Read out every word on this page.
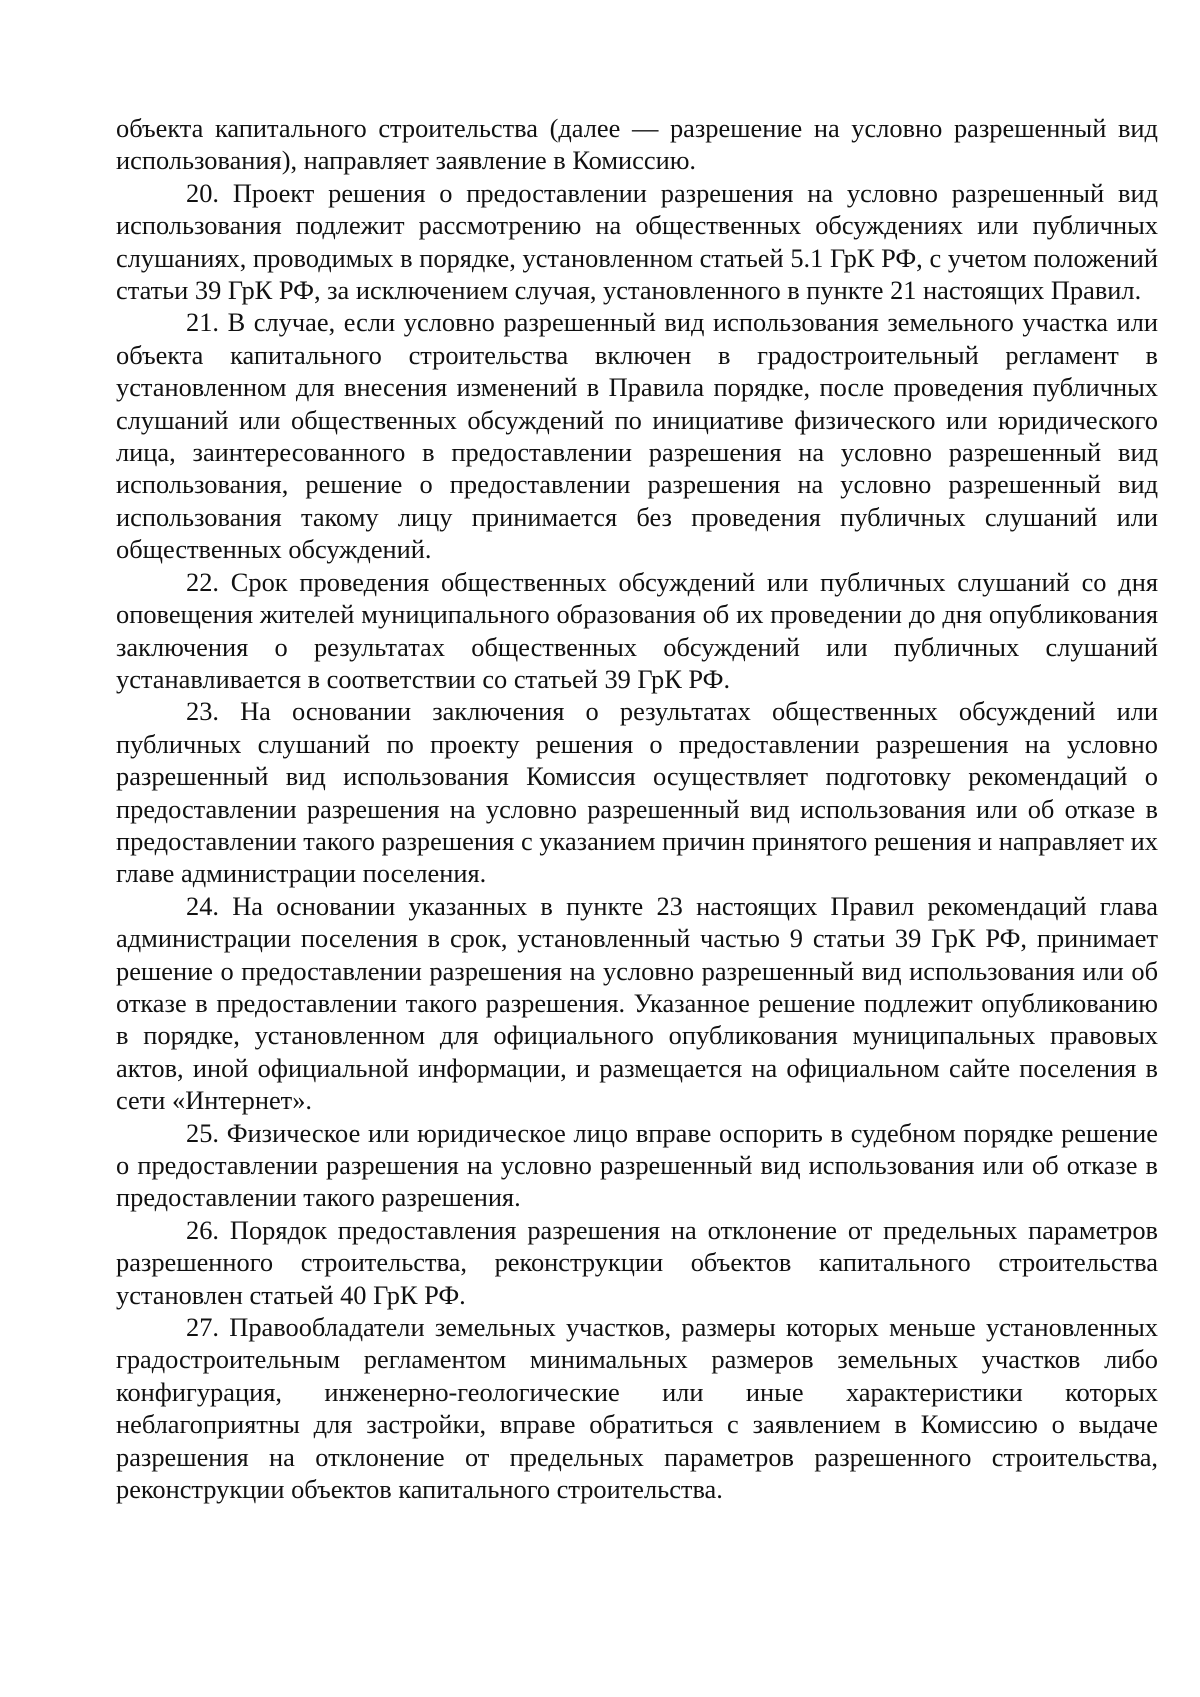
объекта капитального строительства (далее — разрешение на условно разрешенный вид использования), направляет заявление в Комиссию.

20. Проект решения о предоставлении разрешения на условно разрешенный вид использования подлежит рассмотрению на общественных обсуждениях или публичных слушаниях, проводимых в порядке, установленном статьей 5.1 ГрК РФ, с учетом положений статьи 39 ГрК РФ, за исключением случая, установленного в пункте 21 настоящих Правил.

21. В случае, если условно разрешенный вид использования земельного участка или объекта капитального строительства включен в градостроительный регламент в установленном для внесения изменений в Правила порядке, после проведения публичных слушаний или общественных обсуждений по инициативе физического или юридического лица, заинтересованного в предоставлении разрешения на условно разрешенный вид использования, решение о предоставлении разрешения на условно разрешенный вид использования такому лицу принимается без проведения публичных слушаний или общественных обсуждений.

22. Срок проведения общественных обсуждений или публичных слушаний со дня оповещения жителей муниципального образования об их проведении до дня опубликования заключения о результатах общественных обсуждений или публичных слушаний устанавливается в соответствии со статьей 39 ГрК РФ.

23. На основании заключения о результатах общественных обсуждений или публичных слушаний по проекту решения о предоставлении разрешения на условно разрешенный вид использования Комиссия осуществляет подготовку рекомендаций о предоставлении разрешения на условно разрешенный вид использования или об отказе в предоставлении такого разрешения с указанием причин принятого решения и направляет их главе администрации поселения.

24. На основании указанных в пункте 23 настоящих Правил рекомендаций глава администрации поселения в срок, установленный частью 9 статьи 39 ГрК РФ, принимает решение о предоставлении разрешения на условно разрешенный вид использования или об отказе в предоставлении такого разрешения. Указанное решение подлежит опубликованию в порядке, установленном для официального опубликования муниципальных правовых актов, иной официальной информации, и размещается на официальном сайте поселения в сети «Интернет».

25. Физическое или юридическое лицо вправе оспорить в судебном порядке решение о предоставлении разрешения на условно разрешенный вид использования или об отказе в предоставлении такого разрешения.

26. Порядок предоставления разрешения на отклонение от предельных параметров разрешенного строительства, реконструкции объектов капитального строительства установлен статьей 40 ГрК РФ.

27. Правообладатели земельных участков, размеры которых меньше установленных градостроительным регламентом минимальных размеров земельных участков либо конфигурация, инженерно-геологические или иные характеристики которых неблагоприятны для застройки, вправе обратиться с заявлением в Комиссию о выдаче разрешения на отклонение от предельных параметров разрешенного строительства, реконструкции объектов капитального строительства.
